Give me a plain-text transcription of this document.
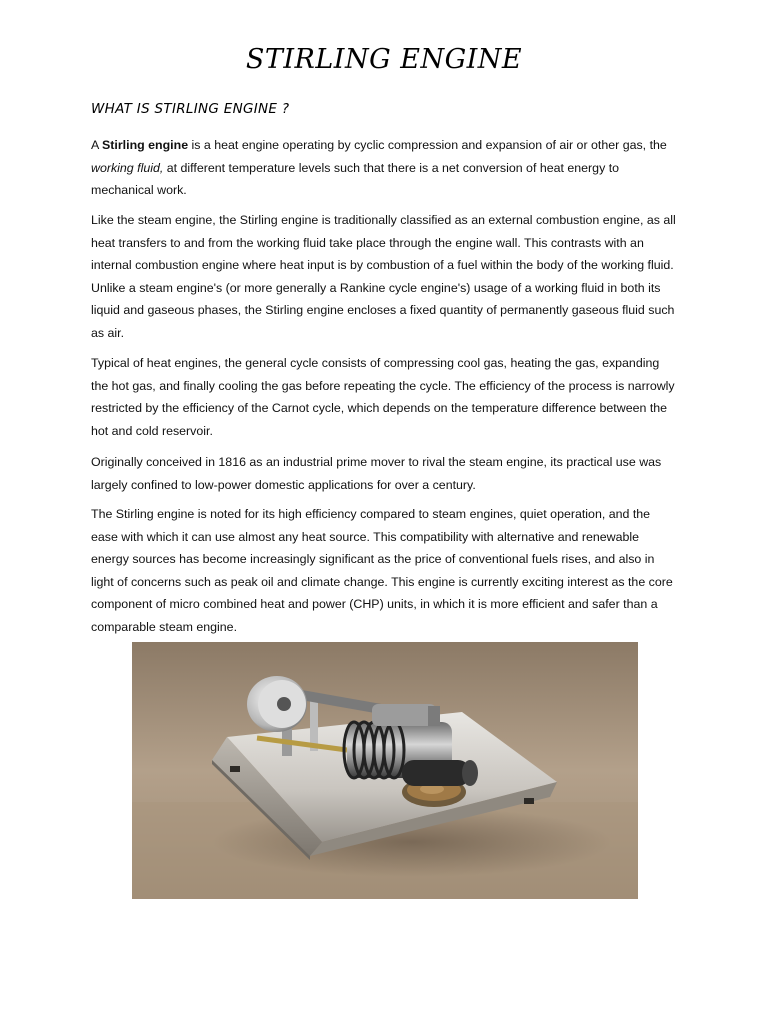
STIRLING ENGINE
WHAT IS STIRLING ENGINE ?

A Stirling engine is a heat engine operating by cyclic compression and expansion of air or other gas, the working fluid, at different temperature levels such that there is a net conversion of heat energy to mechanical work.

Like the steam engine, the Stirling engine is traditionally classified as an external combustion engine, as all heat transfers to and from the working fluid take place through the engine wall. This contrasts with an internal combustion engine where heat input is by combustion of a fuel within the body of the working fluid. Unlike a steam engine's (or more generally a Rankine cycle engine's) usage of a working fluid in both its liquid and gaseous phases, the Stirling engine encloses a fixed quantity of permanently gaseous fluid such as air.

Typical of heat engines, the general cycle consists of compressing cool gas, heating the gas, expanding the hot gas, and finally cooling the gas before repeating the cycle. The efficiency of the process is narrowly restricted by the efficiency of the Carnot cycle, which depends on the temperature difference between the hot and cold reservoir.

Originally conceived in 1816 as an industrial prime mover to rival the steam engine, its practical use was largely confined to low-power domestic applications for over a century.

The Stirling engine is noted for its high efficiency compared to steam engines, quiet operation, and the ease with which it can use almost any heat source. This compatibility with alternative and renewable energy sources has become increasingly significant as the price of conventional fuels rises, and also in light of concerns such as peak oil and climate change. This engine is currently exciting interest as the core component of micro combined heat and power (CHP) units, in which it is more efficient and safer than a comparable steam engine.
